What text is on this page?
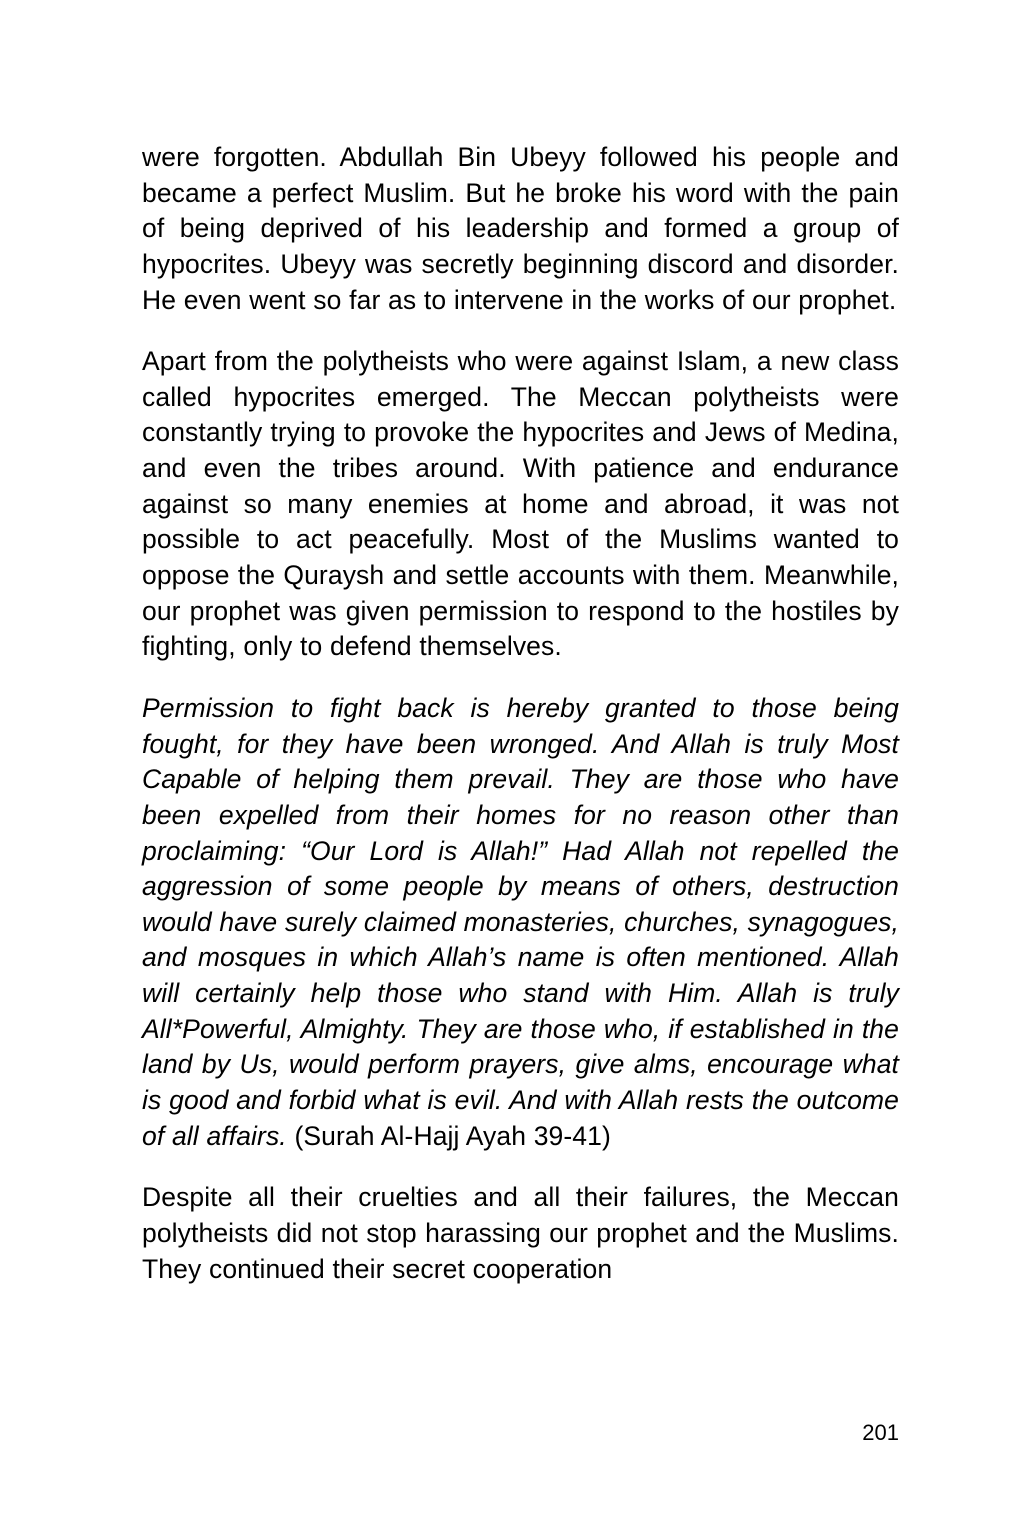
were forgotten. Abdullah Bin Ubeyy followed his people and became a perfect Muslim. But he broke his word with the pain of being deprived of his leadership and formed a group of hypocrites. Ubeyy was secretly beginning discord and disorder. He even went so far as to intervene in the works of our prophet.

Apart from the polytheists who were against Islam, a new class called hypocrites emerged. The Meccan polytheists were constantly trying to provoke the hypocrites and Jews of Medina, and even the tribes around. With patience and endurance against so many enemies at home and abroad, it was not possible to act peacefully. Most of the Muslims wanted to oppose the Quraysh and settle accounts with them. Meanwhile, our prophet was given permission to respond to the hostiles by fighting, only to defend themselves.

Permission to fight back is hereby granted to those being fought, for they have been wronged. And Allah is truly Most Capable of helping them prevail. They are those who have been expelled from their homes for no reason other than proclaiming: “Our Lord is Allah!” Had Allah not repelled the aggression of some people by means of others, destruction would have surely claimed monasteries, churches, synagogues, and mosques in which Allah’s name is often mentioned. Allah will certainly help those who stand with Him. Allah is truly All*Powerful, Almighty. They are those who, if established in the land by Us, would perform prayers, give alms, encourage what is good and forbid what is evil. And with Allah rests the outcome of all affairs. (Surah Al-Hajj Ayah 39-41)

Despite all their cruelties and all their failures, the Meccan polytheists did not stop harassing our prophet and the Muslims. They continued their secret cooperation

201
